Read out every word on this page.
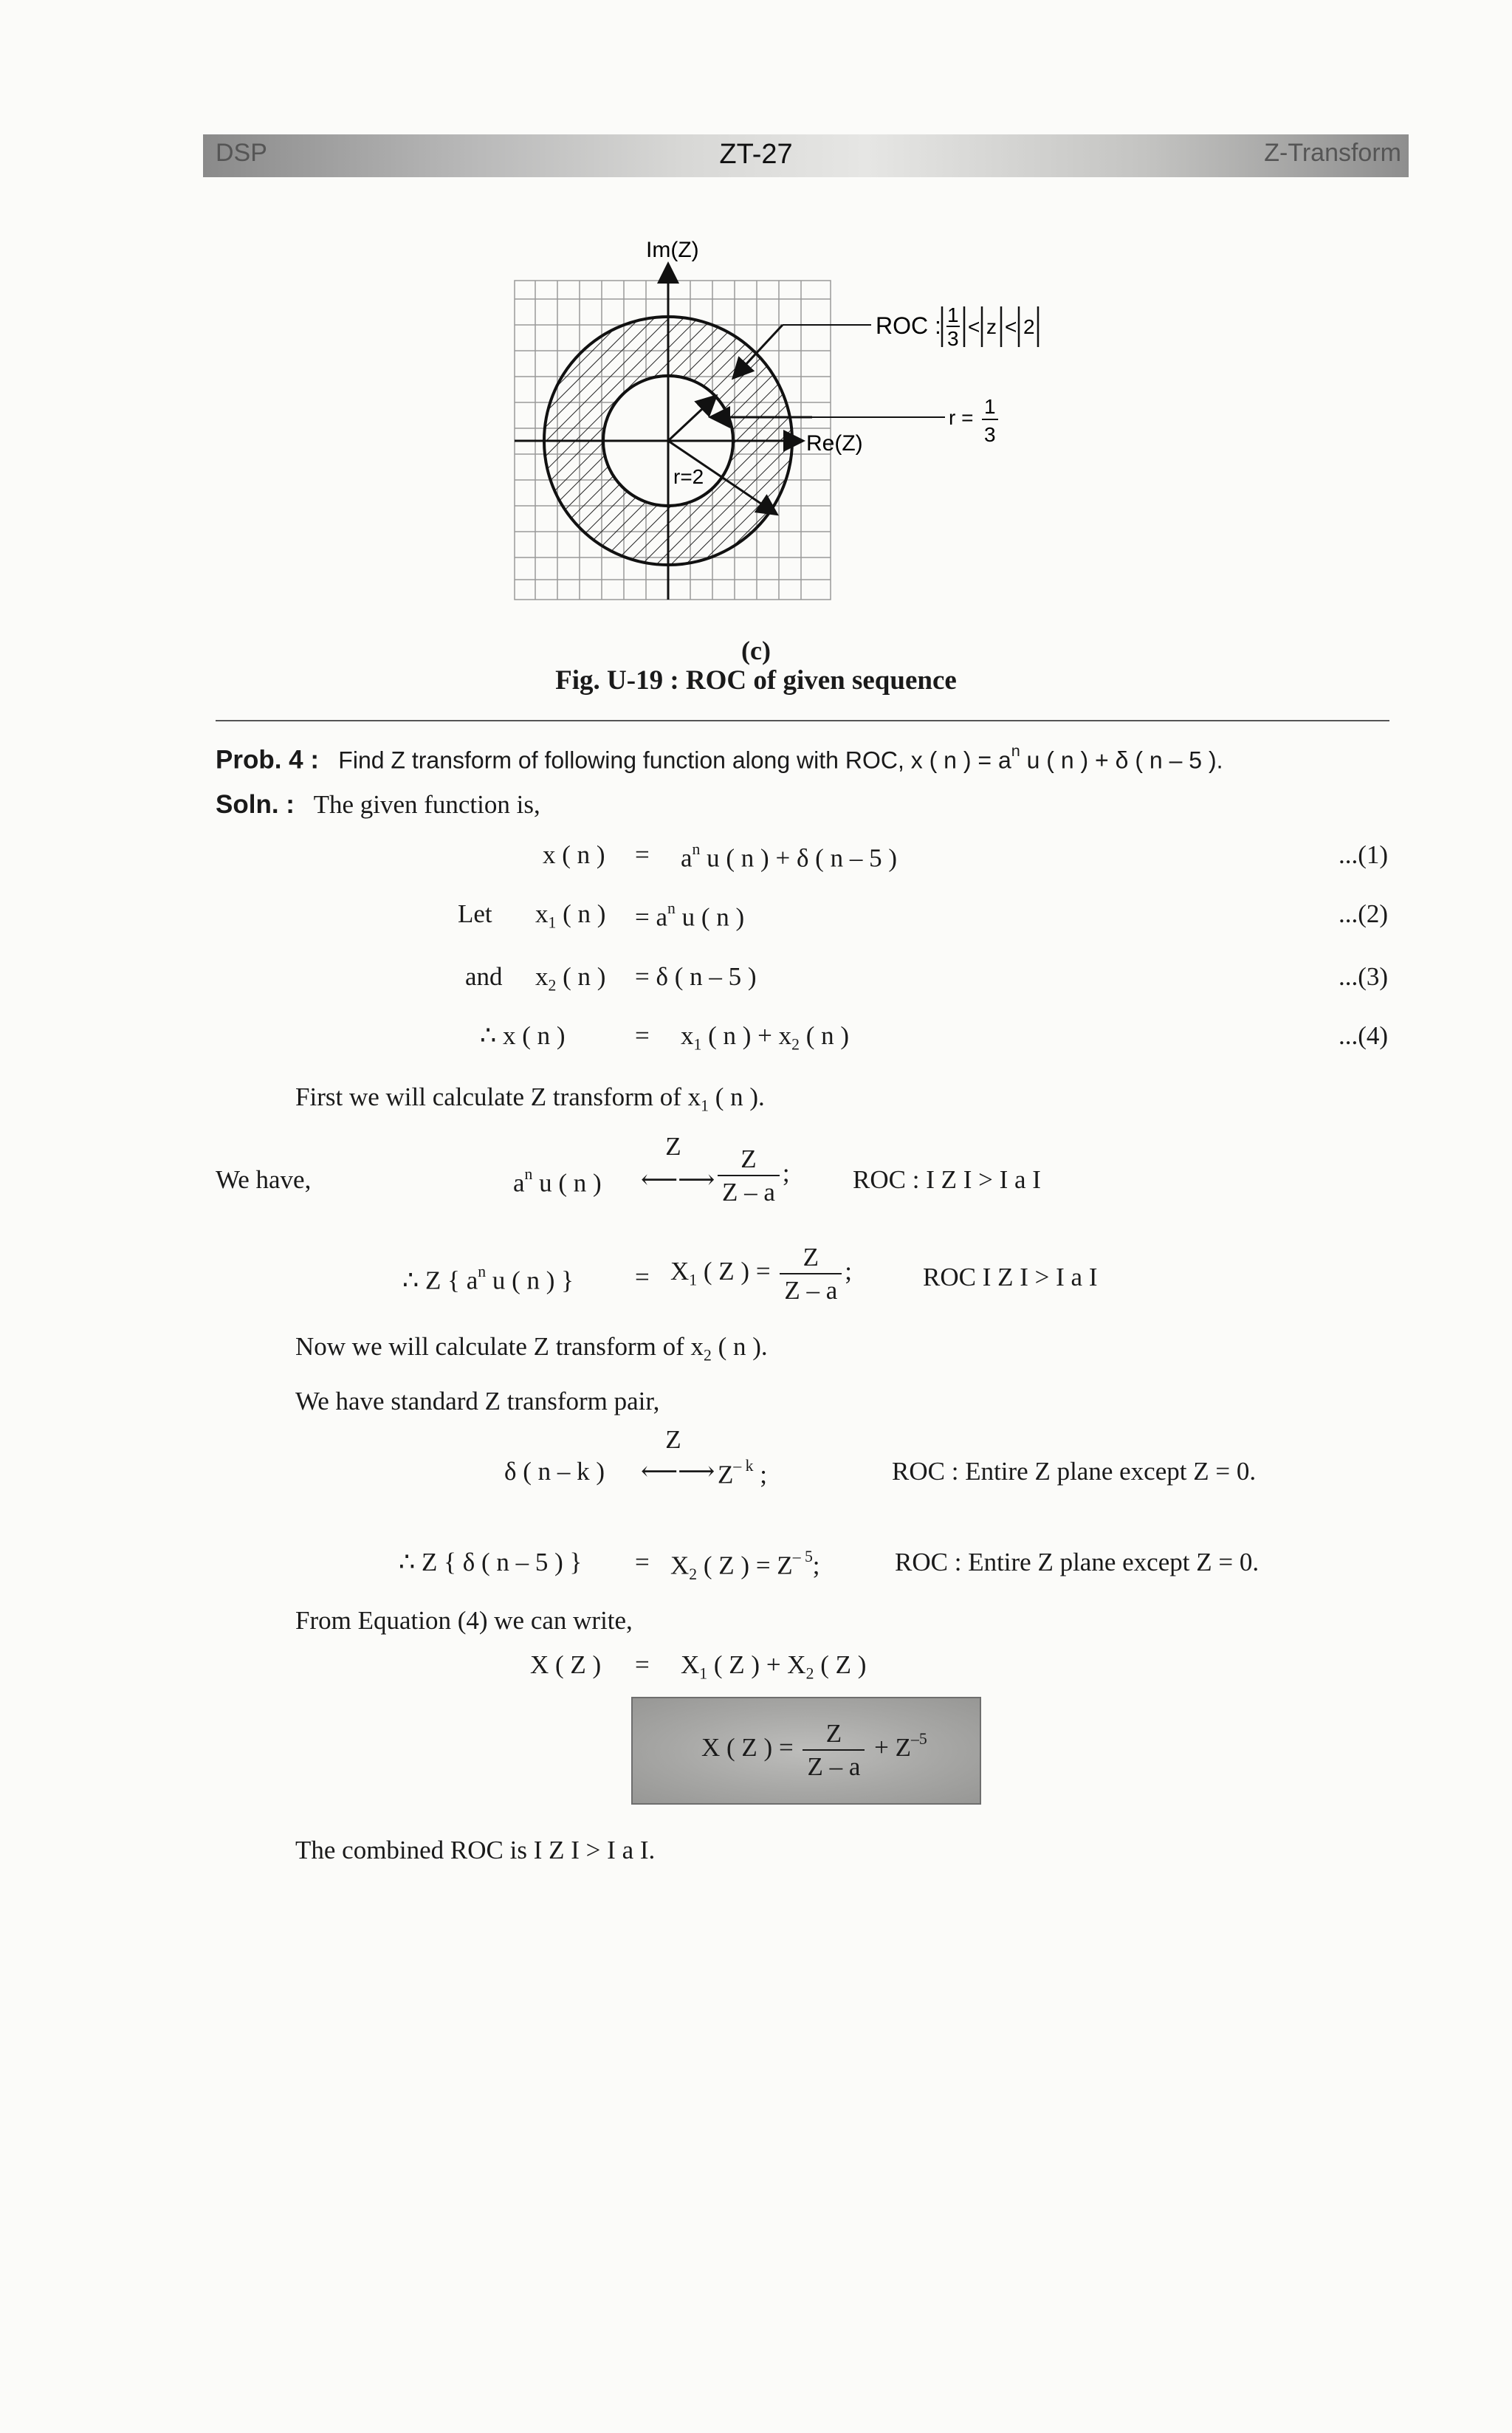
DSP	ZT-27	Z-Transform
Im(Z)
Re(Z)
r=2
r =
ROC : 1
3
< z < 2
1
3
(c)
Fig. U-19 : ROC of given sequence
Prob. 4 : Find Z transform of following function along with ROC, x ( n ) = $a^n$ u ( n ) + δ ( n – 5 ).
Soln. : The given function is,
x ( n ) = $a^n$ u ( n ) + δ ( n – 5 )	...(1)
Let $x_1$ ( n ) = $a^n$ u ( n )	...(2)
and $x_2$ ( n ) = δ ( n – 5 )	...(3)
∴ x ( n )	= $x_1$ ( n ) + $x_2$ ( n )	...(4)
First we will calculate Z transform of $x_1$ ( n ).
We have,	$a^n$ u ( n )
Z
⟵⟶ $\frac{Z}{Z - a}$ ; ROC : I Z I > I a I
∴ Z { $a^n$ u ( n ) } = $X_1$ ( Z ) = $\frac{Z}{Z - a}$ ;	ROC I Z I > I a I
Now we will calculate Z transform of $x_2$ ( n ).
We have standard Z transform pair,
δ ( n – k )
Z
⟵⟶ $Z^{- k}$ ;	ROC : Entire Z plane except Z = 0.
∴ Z { δ ( n – 5 ) } = $X_2$ ( Z ) = $Z^{- 5}$;	ROC : Entire Z plane except Z = 0.
From Equation (4) we can write,
X ( Z ) = $X_1$ ( Z ) + $X_2$ ( Z )
X ( Z ) = $\frac{Z}{Z - a} + Z^{-5}$
The combined ROC is I Z I > I a I.
